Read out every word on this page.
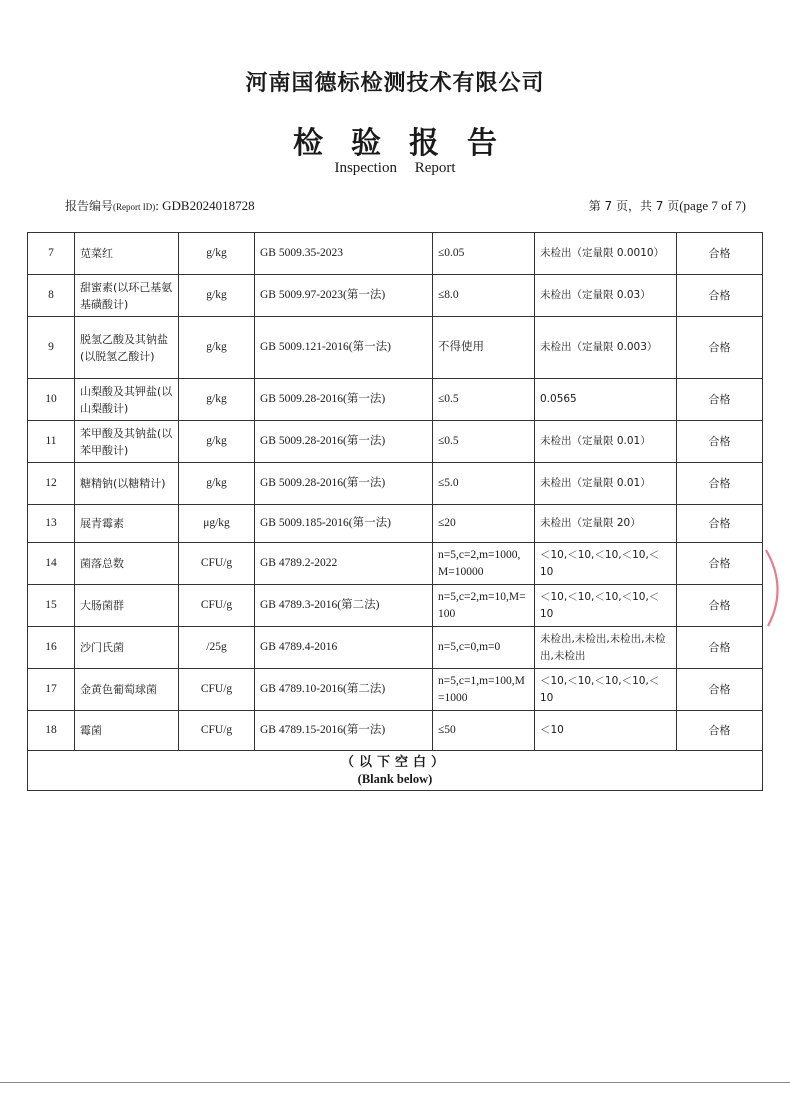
河南国德标检测技术有限公司
检验报告
Inspection Report
报告编号(Report ID): GDB2024018728	第 7 页，共 7 页(page 7 of 7)
7	苋菜红	g/kg	GB 5009.35-2023	≤0.05	未检出（定量限 0.0010）	合格
8	甜蜜素(以环己基氨基磺酸计)	g/kg	GB 5009.97-2023(第一法)	≤8.0	未检出（定量限 0.03）	合格
9	脱氢乙酸及其钠盐(以脱氢乙酸计)	g/kg	GB 5009.121-2016(第一法)	不得使用	未检出（定量限 0.003）	合格
10	山梨酸及其钾盐(以山梨酸计)	g/kg	GB 5009.28-2016(第一法)	≤0.5	0.0565	合格
11	苯甲酸及其钠盐(以苯甲酸计)	g/kg	GB 5009.28-2016(第一法)	≤0.5	未检出（定量限 0.01）	合格
12	糖精钠(以糖精计)	g/kg	GB 5009.28-2016(第一法)	≤5.0	未检出（定量限 0.01）	合格
13	展青霉素	μg/kg	GB 5009.185-2016(第一法)	≤20	未检出（定量限 20）	合格
14	菌落总数	CFU/g	GB 4789.2-2022	n=5,c=2,m=1000,M=10000	＜10,＜10,＜10,＜10,＜10	合格
15	大肠菌群	CFU/g	GB 4789.3-2016(第二法)	n=5,c=2,m=10,M=100	＜10,＜10,＜10,＜10,＜10	合格
16	沙门氏菌	/25g	GB 4789.4-2016	n=5,c=0,m=0	未检出,未检出,未检出,未检出,未检出	合格
17	金黄色葡萄球菌	CFU/g	GB 4789.10-2016(第二法)	n=5,c=1,m=100,M=1000	＜10,＜10,＜10,＜10,＜10	合格
18	霉菌	CFU/g	GB 4789.15-2016(第一法)	≤50	＜10	合格

（以下空白）
(Blank below)						
